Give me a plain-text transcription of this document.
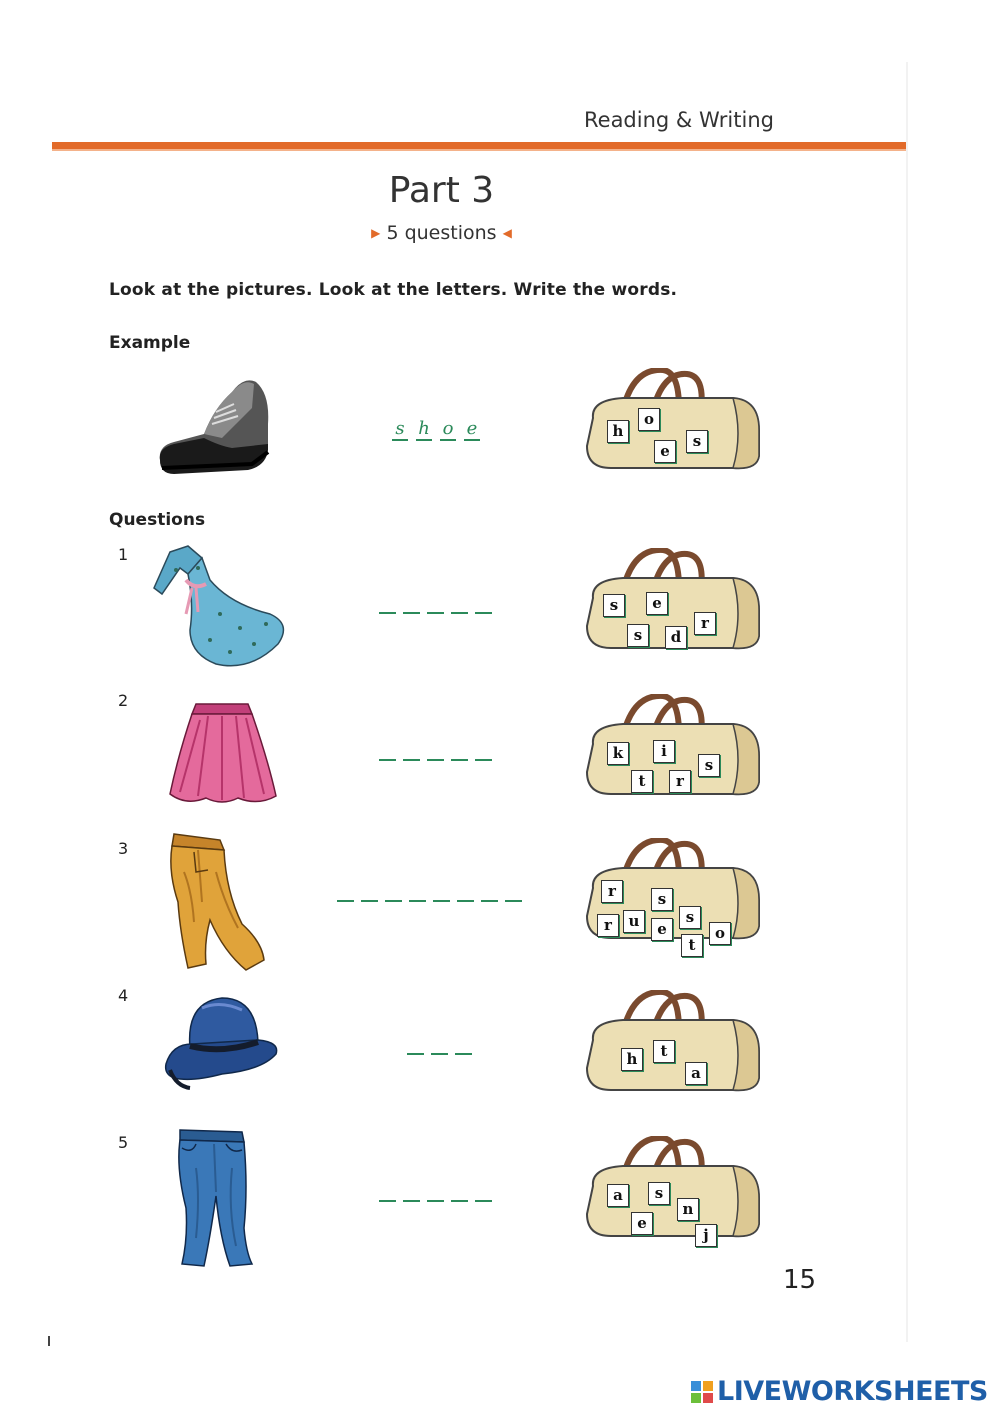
Reading & Writing
Part 3
▶ 5 questions ◀
Look at the pictures. Look at the letters. Write the words.
Example
s h o e	h
o
e
s
Questions
1
s	e
s	d
r
2
k	i
t	r
s
3
r	s
r	u	e
s
t
o
4
h	t
a
5
a	s
e
n
j
15
LIVEWORKSHEETS
